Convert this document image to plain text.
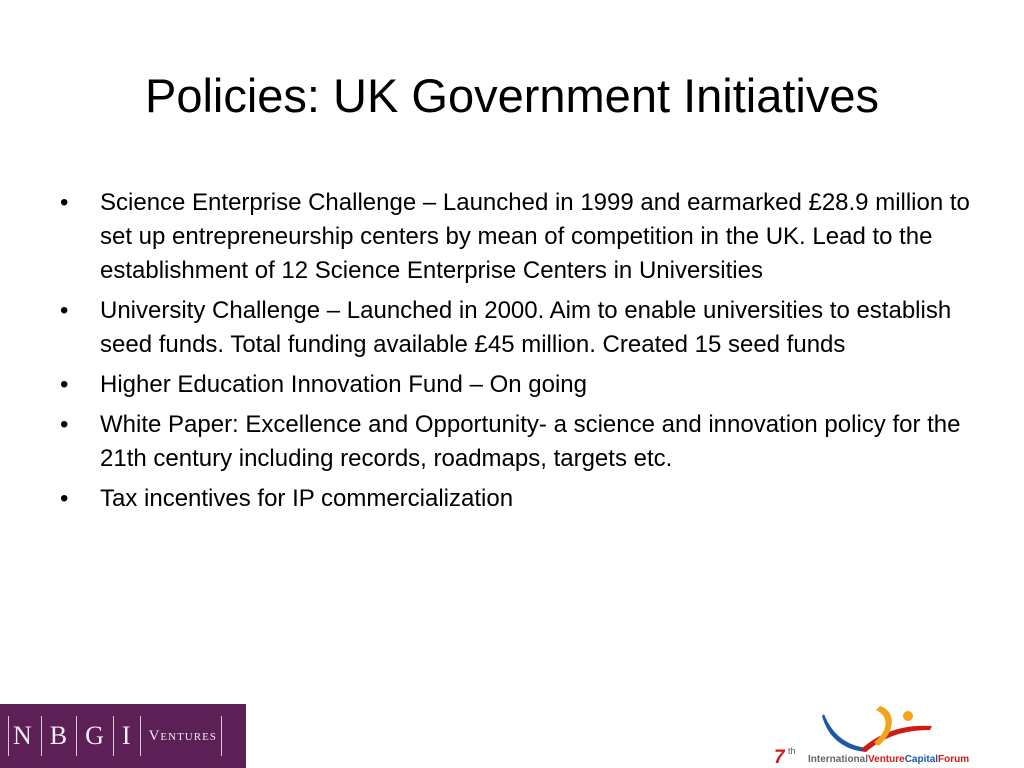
Policies: UK Government Initiatives
•	Science Enterprise Challenge – Launched in 1999 and earmarked £28.9 million to set up entrepreneurship centers by mean of competition in the UK. Lead to the establishment of 12 Science Enterprise Centers in Universities
•	University Challenge – Launched in 2000. Aim to enable universities to establish seed funds. Total funding available £45 million. Created 15 seed funds
•	Higher Education Innovation Fund – On going
•	White Paper: Excellence and Opportunity- a science and innovation policy for the 21th century including records, roadmaps, targets etc.
•	Tax incentives for IP commercialization
N B G I Ventures
7 th
InternationalVentureCapitalForum
